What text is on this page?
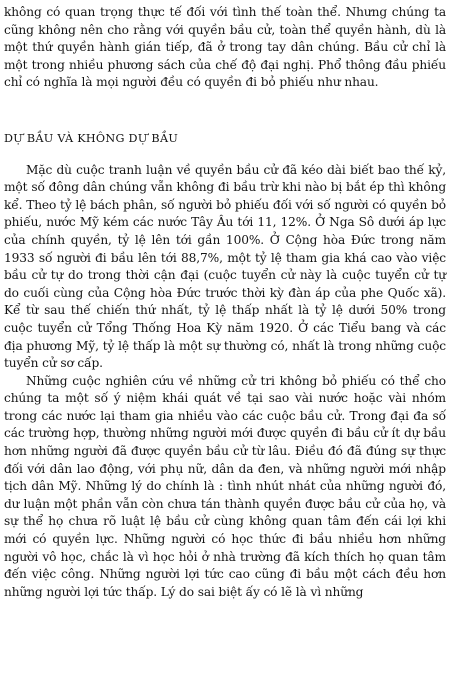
không có quan trọng thực tế đối với tình thế toàn thể. Nhưng chúng ta cũng không nên cho rằng với quyền bầu cử, toàn thể quyền hành, dù là một thứ quyền hành gián tiếp, đã ở trong tay dân chúng. Bầu cử chỉ là một trong nhiều phương sách của chế độ đại nghị. Phổ thông đầu phiếu chỉ có nghĩa là mọi người đều có quyền đi bỏ phiếu như nhau.

DỰ BẦU VÀ KHÔNG DỰ BẦU

Mặc dù cuộc tranh luận về quyền bầu cử đã kéo dài biết bao thế kỷ, một số đông dân chúng vẫn không đi bầu trừ khi nào bị bắt ép thì không kể. Theo tỷ lệ bách phân, số người bỏ phiếu đối với số người có quyền bỏ phiếu, nước Mỹ kém các nước Tây Âu tới 11, 12%. Ở Nga Sô dưới áp lực của chính quyền, tỷ lệ lên tới gần 100%. Ở Cộng hòa Đức trong năm 1933 số người đi bầu lên tới 88,7%, một tỷ lệ tham gia khá cao vào việc bầu cử tự do trong thời cận đại (cuộc tuyển cử này là cuộc tuyển cử tự do cuối cùng của Cộng hòa Đức trước thời kỳ đàn áp của phe Quốc xã). Kể từ sau thế chiến thứ nhất, tỷ lệ thấp nhất là tỷ lệ dưới 50% trong cuộc tuyển cử Tổng Thống Hoa Kỳ năm 1920. Ở các Tiểu bang và các địa phương Mỹ, tỷ lệ thấp là một sự thường có, nhất là trong những cuộc tuyển cử sơ cấp.

Những cuộc nghiên cứu về những cử tri không bỏ phiếu có thể cho chúng ta một số ý niệm khái quát về tại sao vài nước hoặc vài nhóm trong các nước lại tham gia nhiều vào các cuộc bầu cử. Trong đại đa số các trường hợp, thường những người mới được quyền đi bầu cử ít dự bầu hơn những người đã được quyền bầu cử từ lâu. Điều đó đã đúng sự thực đối với dân lao động, với phụ nữ, dân da đen, và những người mới nhập tịch dân Mỹ. Những lý do chính là : tình nhút nhát của những người đó, dư luận một phần vẫn còn chưa tán thành quyền được bầu cử của họ, và sự thể họ chưa rõ luật lệ bầu cử cùng không quan tâm đến cái lợi khi mới có quyền lực. Những người có học thức đi bầu nhiều hơn những người vô học, chắc là vì học hỏi ở nhà trường đã kích thích họ quan tâm đến việc công. Những người lợi tức cao cũng đi bầu một cách đều hơn những người lợi tức thấp. Lý do sai biệt ấy có lẽ là vì những
